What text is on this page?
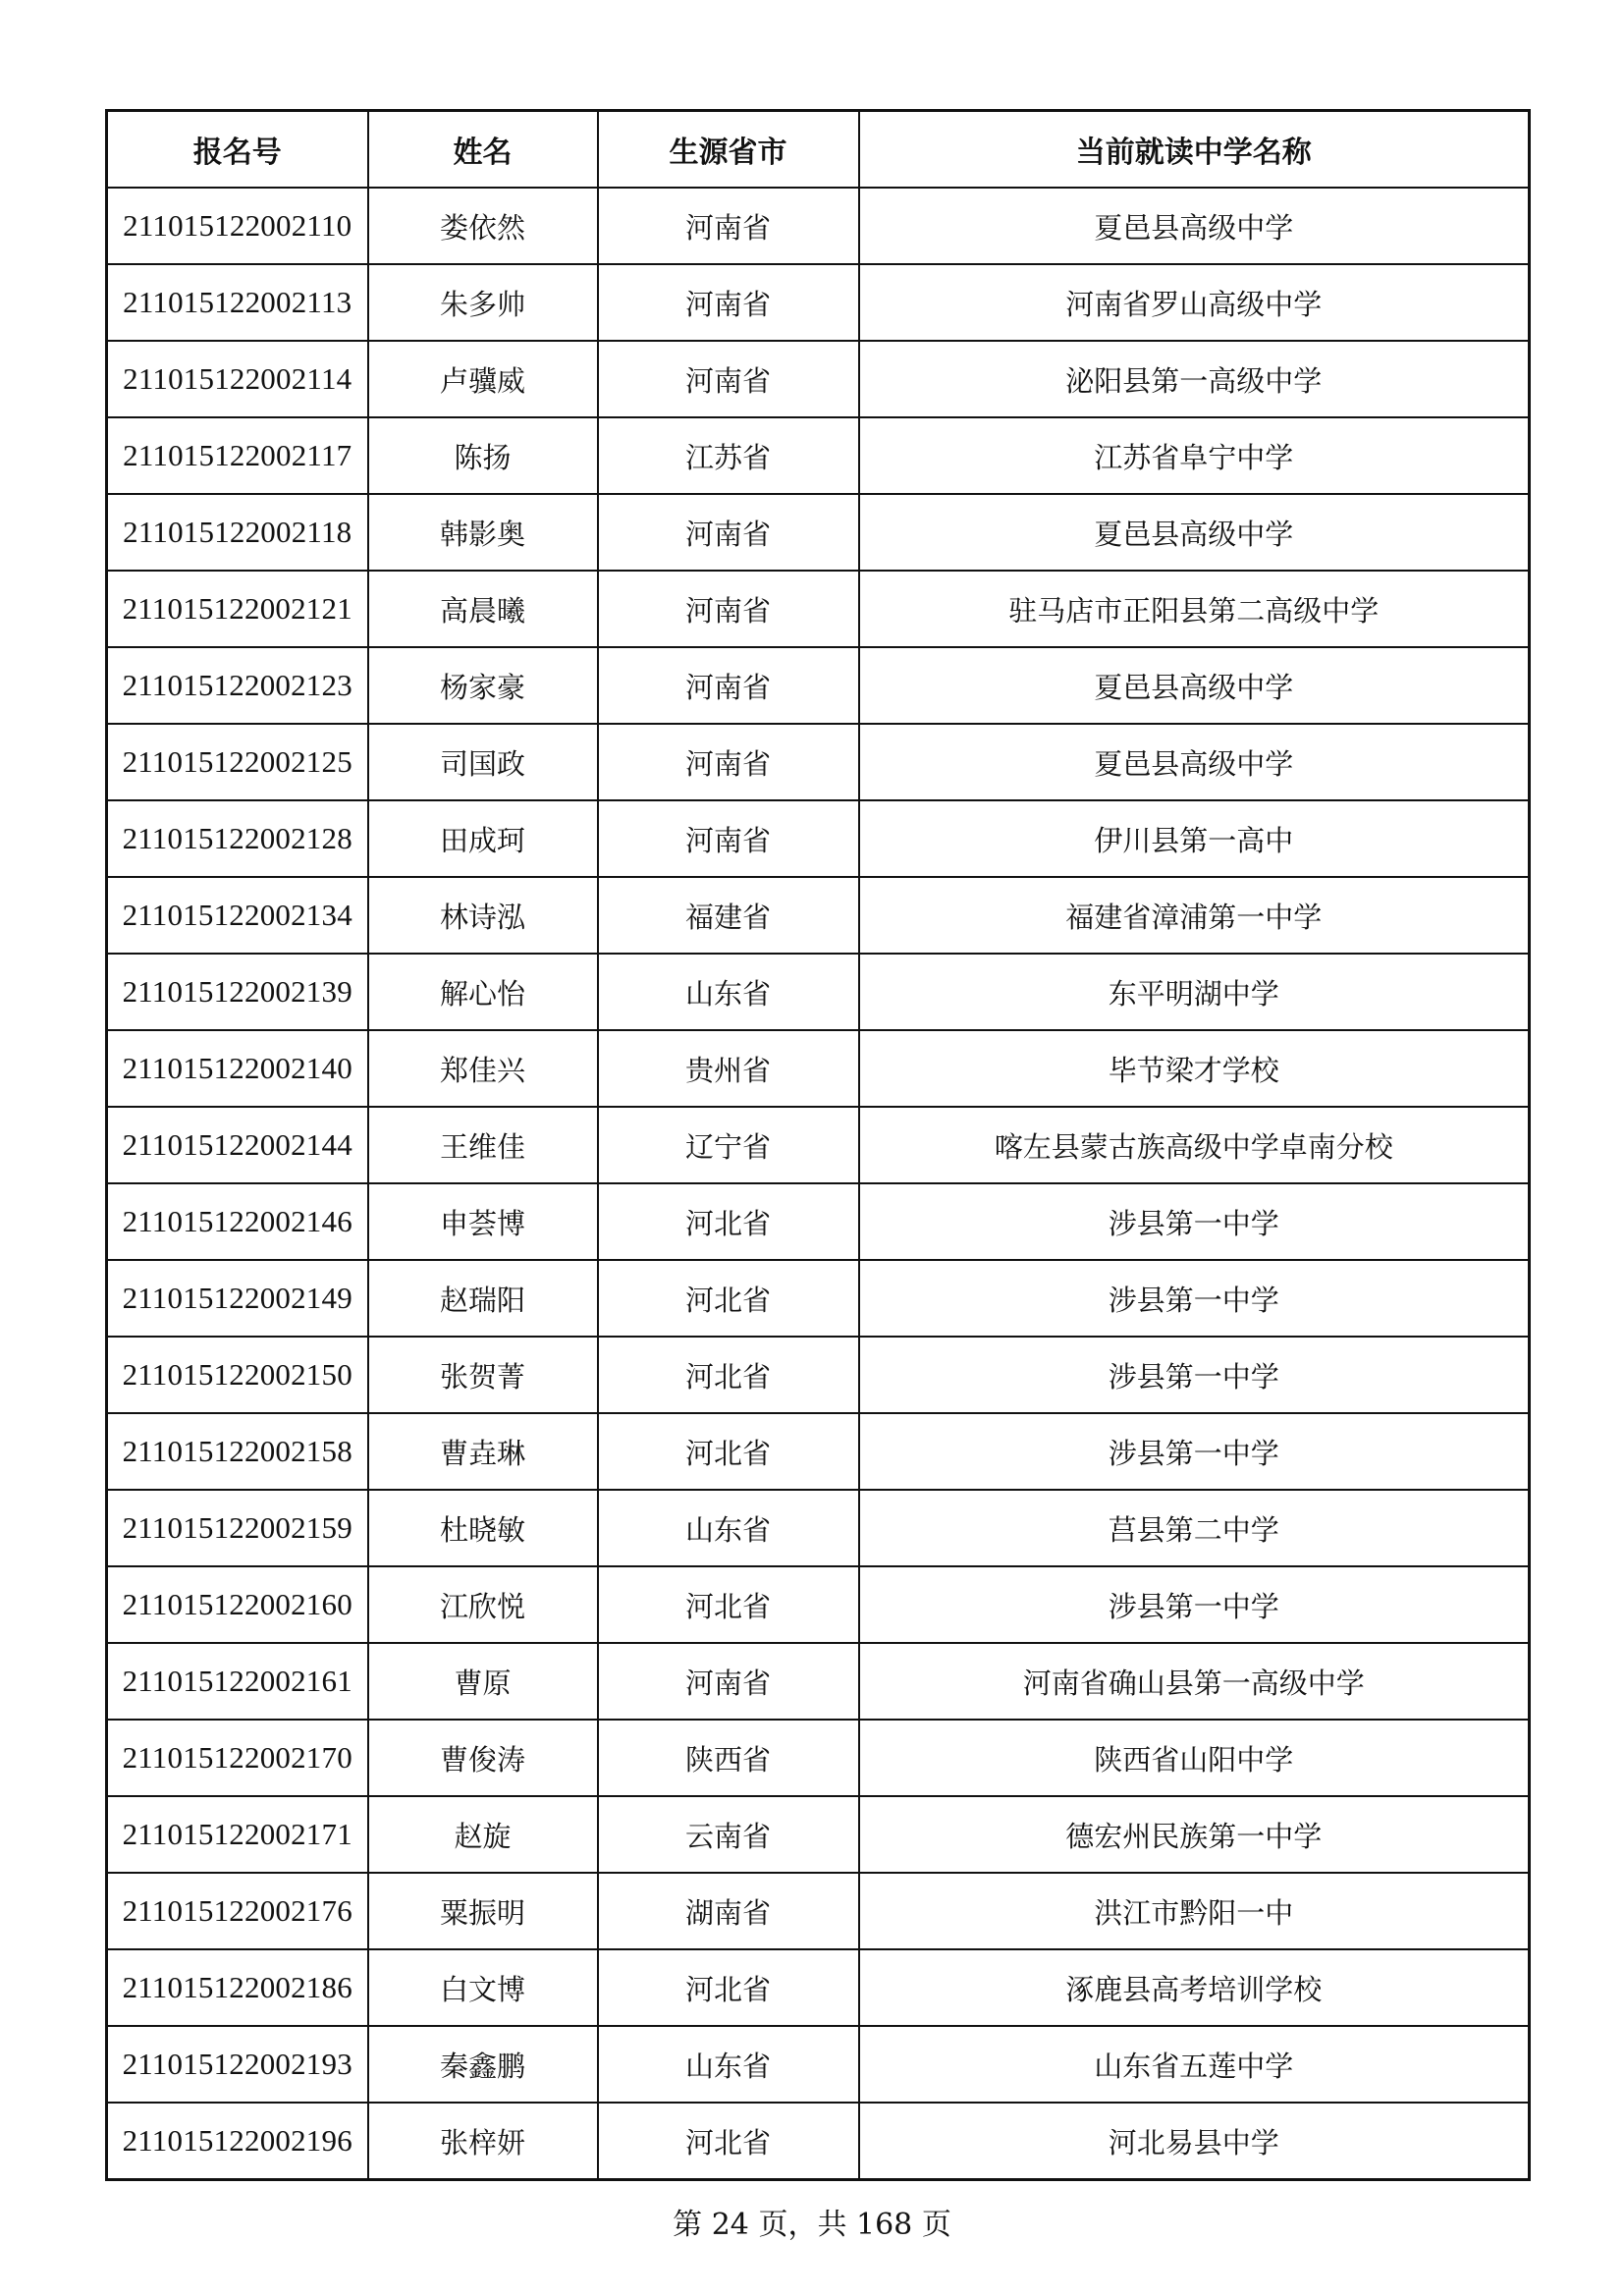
报名号	姓名	生源省市	当前就读中学名称
211015122002110	娄依然	河南省	夏邑县高级中学
211015122002113	朱多帅	河南省	河南省罗山高级中学
211015122002114	卢骥威	河南省	泌阳县第一高级中学
211015122002117	陈扬	江苏省	江苏省阜宁中学
211015122002118	韩影奥	河南省	夏邑县高级中学
211015122002121	高晨曦	河南省	驻马店市正阳县第二高级中学
211015122002123	杨家豪	河南省	夏邑县高级中学
211015122002125	司国政	河南省	夏邑县高级中学
211015122002128	田成珂	河南省	伊川县第一高中
211015122002134	林诗泓	福建省	福建省漳浦第一中学
211015122002139	解心怡	山东省	东平明湖中学
211015122002140	郑佳兴	贵州省	毕节梁才学校
211015122002144	王维佳	辽宁省	喀左县蒙古族高级中学卓南分校
211015122002146	申荟博	河北省	涉县第一中学
211015122002149	赵瑞阳	河北省	涉县第一中学
211015122002150	张贺菁	河北省	涉县第一中学
211015122002158	曹垚琳	河北省	涉县第一中学
211015122002159	杜晓敏	山东省	莒县第二中学
211015122002160	江欣悦	河北省	涉县第一中学
211015122002161	曹原	河南省	河南省确山县第一高级中学
211015122002170	曹俊涛	陕西省	陕西省山阳中学
211015122002171	赵旋	云南省	德宏州民族第一中学
211015122002176	粟振明	湖南省	洪江市黔阳一中
211015122002186	白文博	河北省	涿鹿县高考培训学校
211015122002193	秦鑫鹏	山东省	山东省五莲中学
211015122002196	张梓妍	河北省	河北易县中学
第 24 页，共 168 页
